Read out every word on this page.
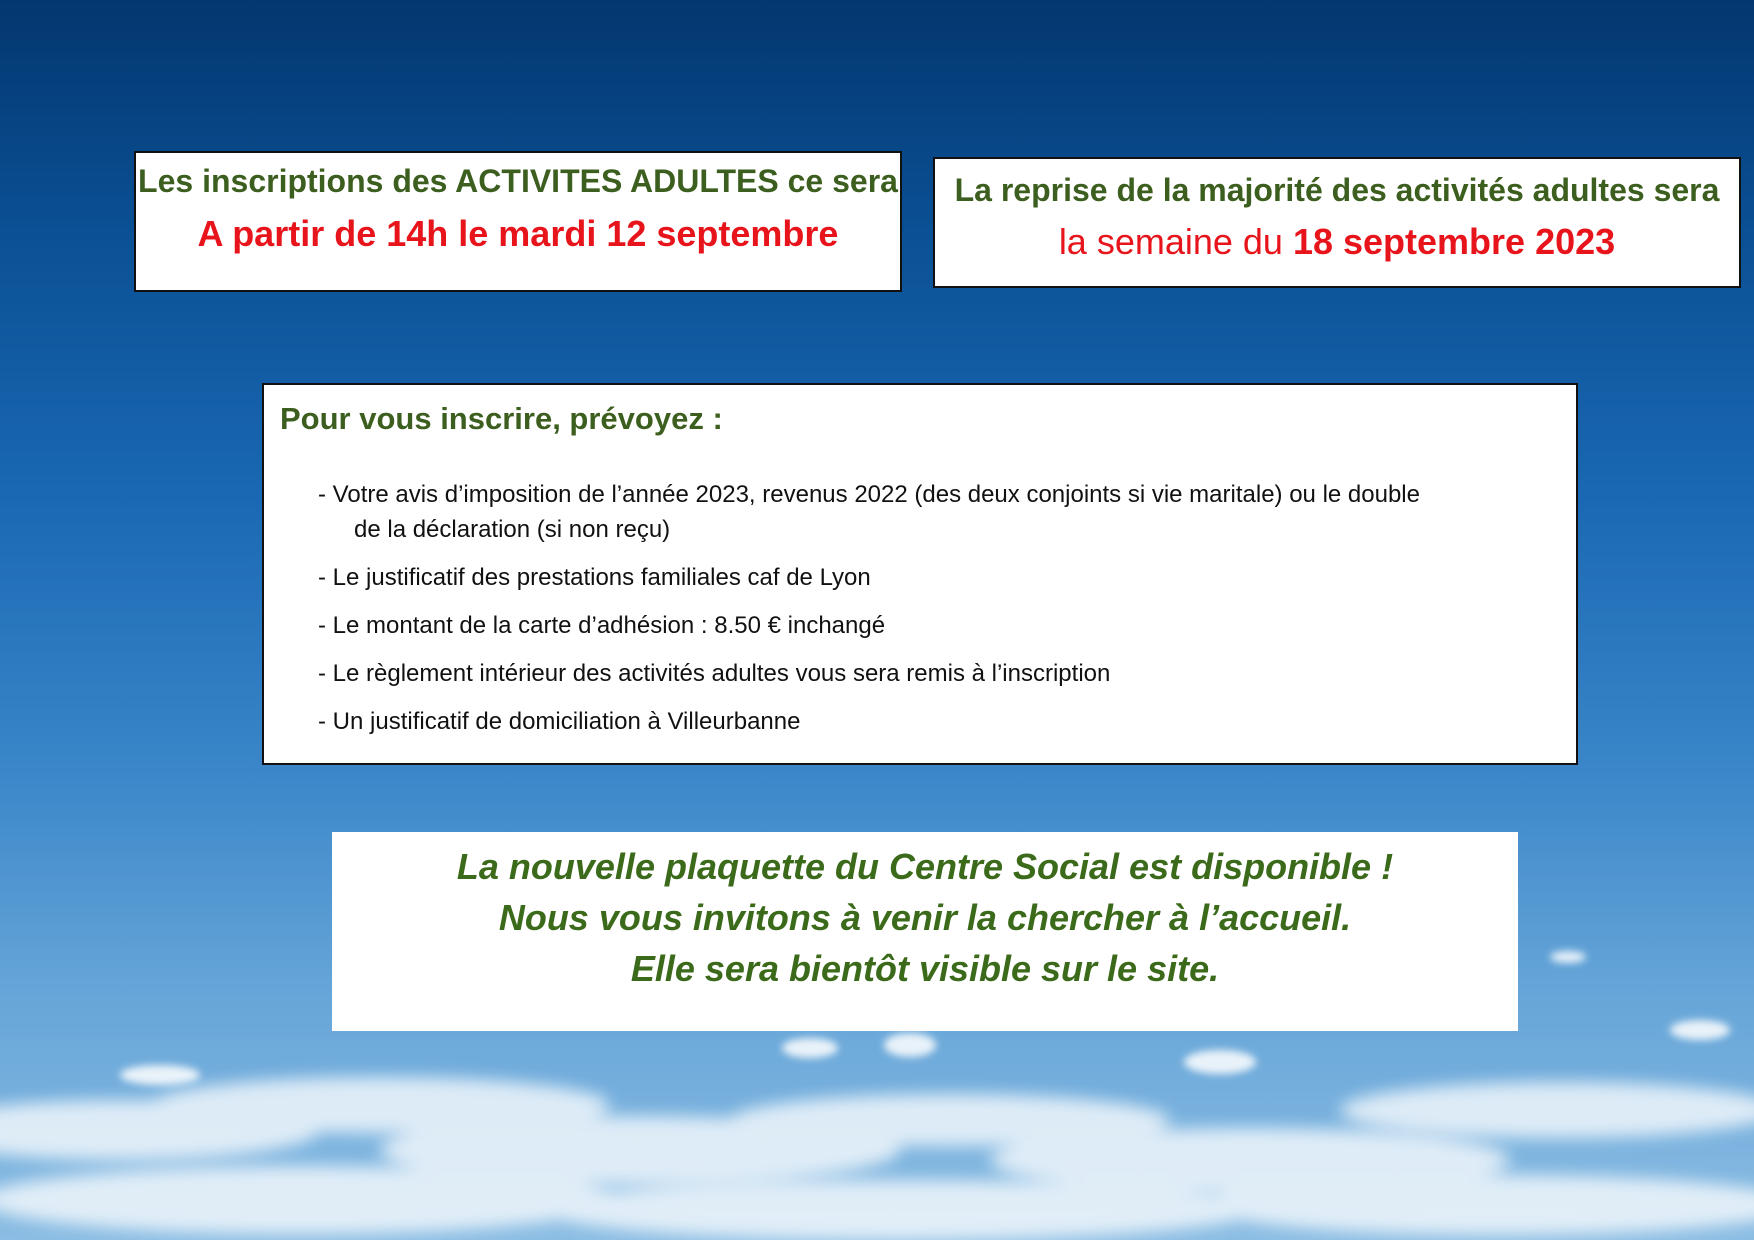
Les inscriptions des ACTIVITES ADULTES ce sera
A partir de 14h le mardi 12 septembre
La reprise de la majorité des activités adultes sera
la semaine du 18 septembre 2023
Pour vous inscrire, prévoyez :
- Votre avis d’imposition de l’année 2023, revenus 2022 (des deux conjoints si vie maritale) ou le double
de la déclaration (si non reçu)
- Le justificatif des prestations familiales caf de Lyon
- Le montant de la carte d’adhésion : 8.50 € inchangé
- Le règlement intérieur des activités adultes vous sera remis à l’inscription
- Un justificatif de domiciliation à Villeurbanne
La nouvelle plaquette du Centre Social est disponible !
Nous vous invitons à venir la chercher à l’accueil.
Elle sera bientôt visible sur le site.
